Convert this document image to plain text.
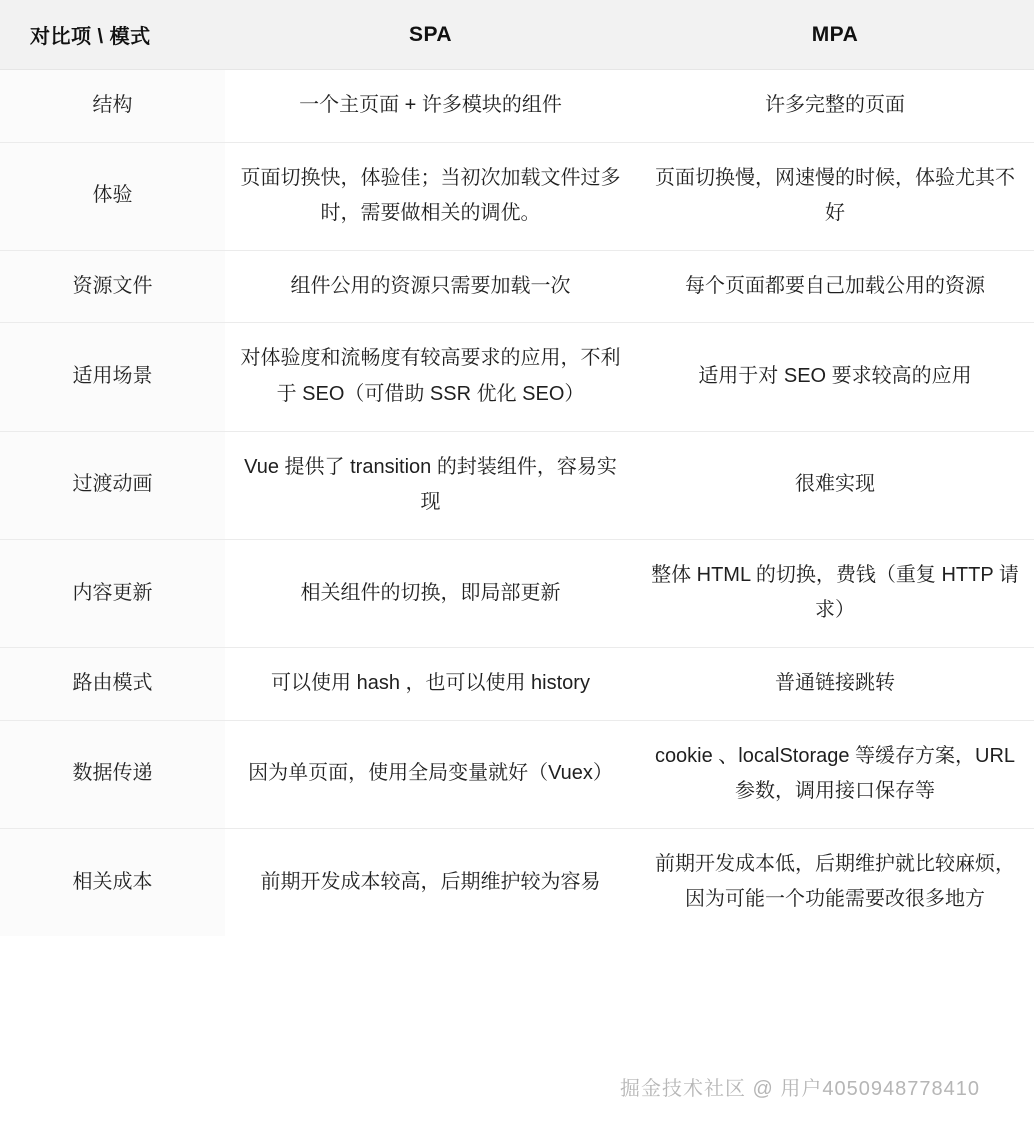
对比项 \ 模式	SPA	MPA
结构	一个主页面 + 许多模块的组件	许多完整的页面
体验	页面切换快，体验佳；当初次加载文件过多时，需要做相关的调优。	页面切换慢，网速慢的时候，体验尤其不好
资源文件	组件公用的资源只需要加载一次	每个页面都要自己加载公用的资源
适用场景	对体验度和流畅度有较高要求的应用，不利于 SEO（可借助 SSR 优化 SEO）	适用于对 SEO 要求较高的应用
过渡动画	Vue 提供了 transition 的封装组件，容易实现	很难实现
内容更新	相关组件的切换，即局部更新	整体 HTML 的切换，费钱（重复 HTTP 请求）
路由模式	可以使用 hash ，也可以使用 history	普通链接跳转
数据传递	因为单页面，使用全局变量就好（Vuex）	cookie 、localStorage 等缓存方案，URL 参数，调用接口保存等
相关成本	前期开发成本较高，后期维护较为容易	前期开发成本低，后期维护就比较麻烦，因为可能一个功能需要改很多地方
掘金技术社区 @ 用户4050948778410
